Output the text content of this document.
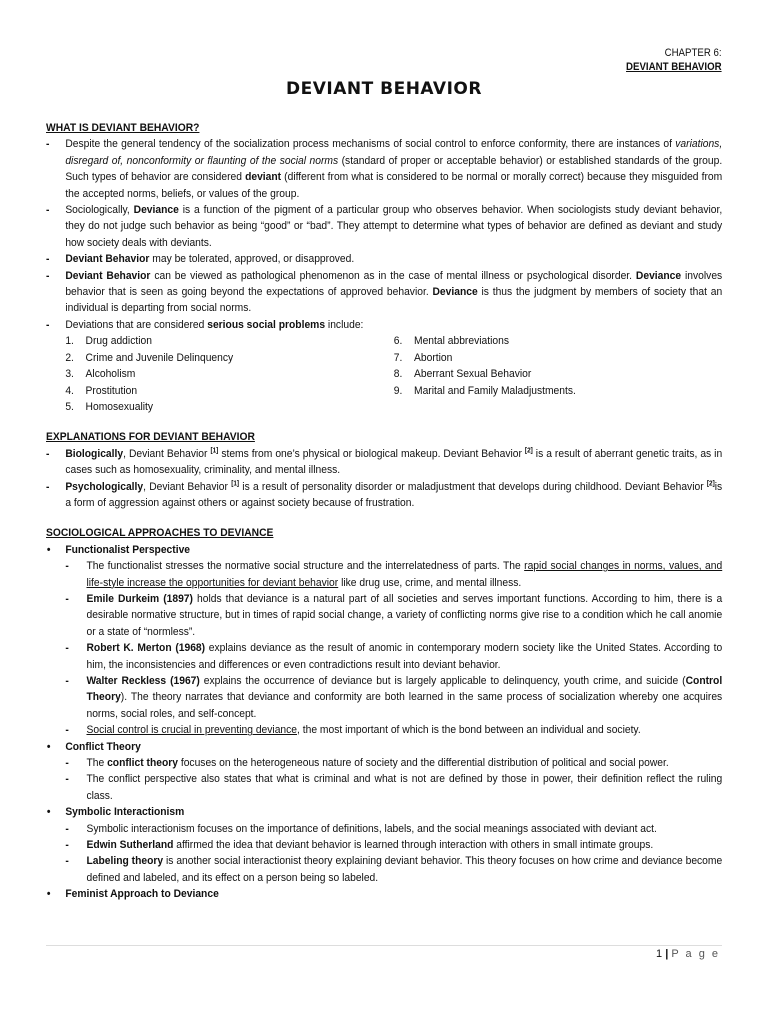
CHAPTER 6:
DEVIANT BEHAVIOR
DEVIANT BEHAVIOR
WHAT IS DEVIANT BEHAVIOR?
- Despite the general tendency of the socialization process mechanisms of social control to enforce conformity, there are instances of variations, disregard of, nonconformity or flaunting of the social norms (standard of proper or acceptable behavior) or established standards of the group. Such types of behavior are considered deviant (different from what is considered to be normal or morally correct) because they misguided from the accepted norms, beliefs, or values of the group.
- Sociologically, Deviance is a function of the pigment of a particular group who observes behavior. When sociologists study deviant behavior, they do not judge such behavior as being “good” or “bad”. They attempt to determine what types of behavior are defined as deviant and study how society deals with deviants.
- Deviant Behavior may be tolerated, approved, or disapproved.
- Deviant Behavior can be viewed as pathological phenomenon as in the case of mental illness or psychological disorder. Deviance involves behavior that is seen as going beyond the expectations of approved behavior. Deviance is thus the judgment by members of society that an individual is departing from social norms.
- Deviations that are considered serious social problems include:
1.	Drug addiction
2.	Crime and Juvenile Delinquency
3.	Alcoholism
4.	Prostitution
5.	Homosexuality
6.	Mental abbreviations
7.	Abortion
8.	Aberrant Sexual Behavior
9.	Marital and Family Maladjustments.
EXPLANATIONS FOR DEVIANT BEHAVIOR
- Biologically, Deviant Behavior [1] stems from one’s physical or biological makeup. Deviant Behavior [2] is a result of aberrant genetic traits, as in cases such as homosexuality, criminality, and mental illness.
- Psychologically, Deviant Behavior [1] is a result of personality disorder or maladjustment that develops during childhood. Deviant Behavior [2]is a form of aggression against others or against society because of frustration.
SOCIOLOGICAL APPROACHES TO DEVIANCE
• Functionalist Perspective
- The functionalist stresses the normative social structure and the interrelatedness of parts. The rapid social changes in norms, values, and life-style increase the opportunities for deviant behavior like drug use, crime, and mental illness.
- Emile Durkeim (1897) holds that deviance is a natural part of all societies and serves important functions. According to him, there is a desirable normative structure, but in times of rapid social change, a variety of conflicting norms give rise to a condition which he call anomie or a state of “normless”.
- Robert K. Merton (1968) explains deviance as the result of anomic in contemporary modern society like the United States. According to him, the inconsistencies and differences or even contradictions result into deviant behavior.
- Walter Reckless (1967) explains the occurrence of deviance but is largely applicable to delinquency, youth crime, and suicide (Control Theory). The theory narrates that deviance and conformity are both learned in the same process of socialization whereby one acquires norms, social roles, and self-concept.
- Social control is crucial in preventing deviance, the most important of which is the bond between an individual and society.
• Conflict Theory
- The conflict theory focuses on the heterogeneous nature of society and the differential distribution of political and social power.
- The conflict perspective also states that what is criminal and what is not are defined by those in power, their definition reflect the ruling class.
• Symbolic Interactionism
- Symbolic interactionism focuses on the importance of definitions, labels, and the social meanings associated with deviant act.
- Edwin Sutherland affirmed the idea that deviant behavior is learned through interaction with others in small intimate groups.
- Labeling theory is another social interactionist theory explaining deviant behavior. This theory focuses on how crime and deviance become defined and labeled, and its effect on a person being so labeled.
• Feminist Approach to Deviance
1 | P a g e
